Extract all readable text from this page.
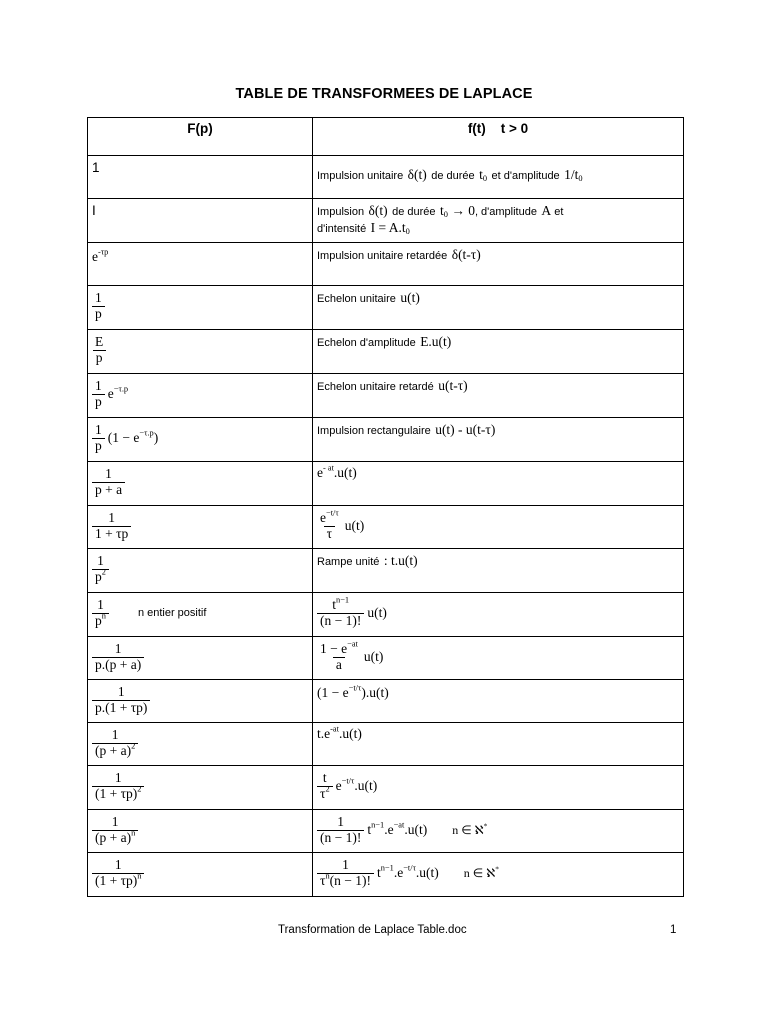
TABLE DE TRANSFORMEES DE LAPLACE
F(p)	f(t)    t > 0

1	Impulsion unitaire δ(t) de durée $t_0$ et d'amplitude $1/t_0$

I	Impulsion δ(t) de durée $t_0 \to 0$, d'amplitude A et
d'intensité $I = A.t_0$

$e^{-\tau p}$	Impulsion unitaire retardée δ(t-τ)

$\frac{1}{p}$	Echelon unitaire u(t)

$\frac{E}{p}$	Echelon d'amplitude E.u(t)

$\frac{1}{p} e^{-\tau.p}$	Echelon unitaire retardé u(t-τ)

$\frac{1}{p} (1 - e^{-\tau.p})$	Impulsion rectangulaire u(t) - u(t-τ)

$\frac{1}{p + a}$	$e^{- at}.u(t)$

$\frac{1}{1 + \tau p}$	$\frac{e^{-t/\tau}}{\tau} u(t)$

$\frac{1}{p^2}$	Rampe unité : t.u(t)

$\frac{1}{p^n}$ n entier positif	$\frac{t^{n-1}}{(n - 1)!} u(t)$

$\frac{1}{p.(p + a)}$	$\frac{1 - e^{-at}}{a} u(t)$

$\frac{1}{p.(1 + \tau p)}$	$(1 - e^{-t/\tau}).u(t)$

$\frac{1}{(p + a)^2}$	$t.e^{-at}.u(t)$

$\frac{1}{(1 + \tau p)^2}$	$\frac{t}{\tau^2} e^{-t/\tau}.u(t)$

$\frac{1}{(p + a)^n}$	$\frac{1}{(n - 1)!} t^{n-1}.e^{-at}.u(t)$ n ∈ ℵ*

$\frac{1}{(1 + \tau p)^n}$	$\frac{1}{\tau^n(n - 1)!} t^{n-1}.e^{-t/\tau}.u(t)$ n ∈ ℵ*
Transformation de Laplace Table.doc	1
